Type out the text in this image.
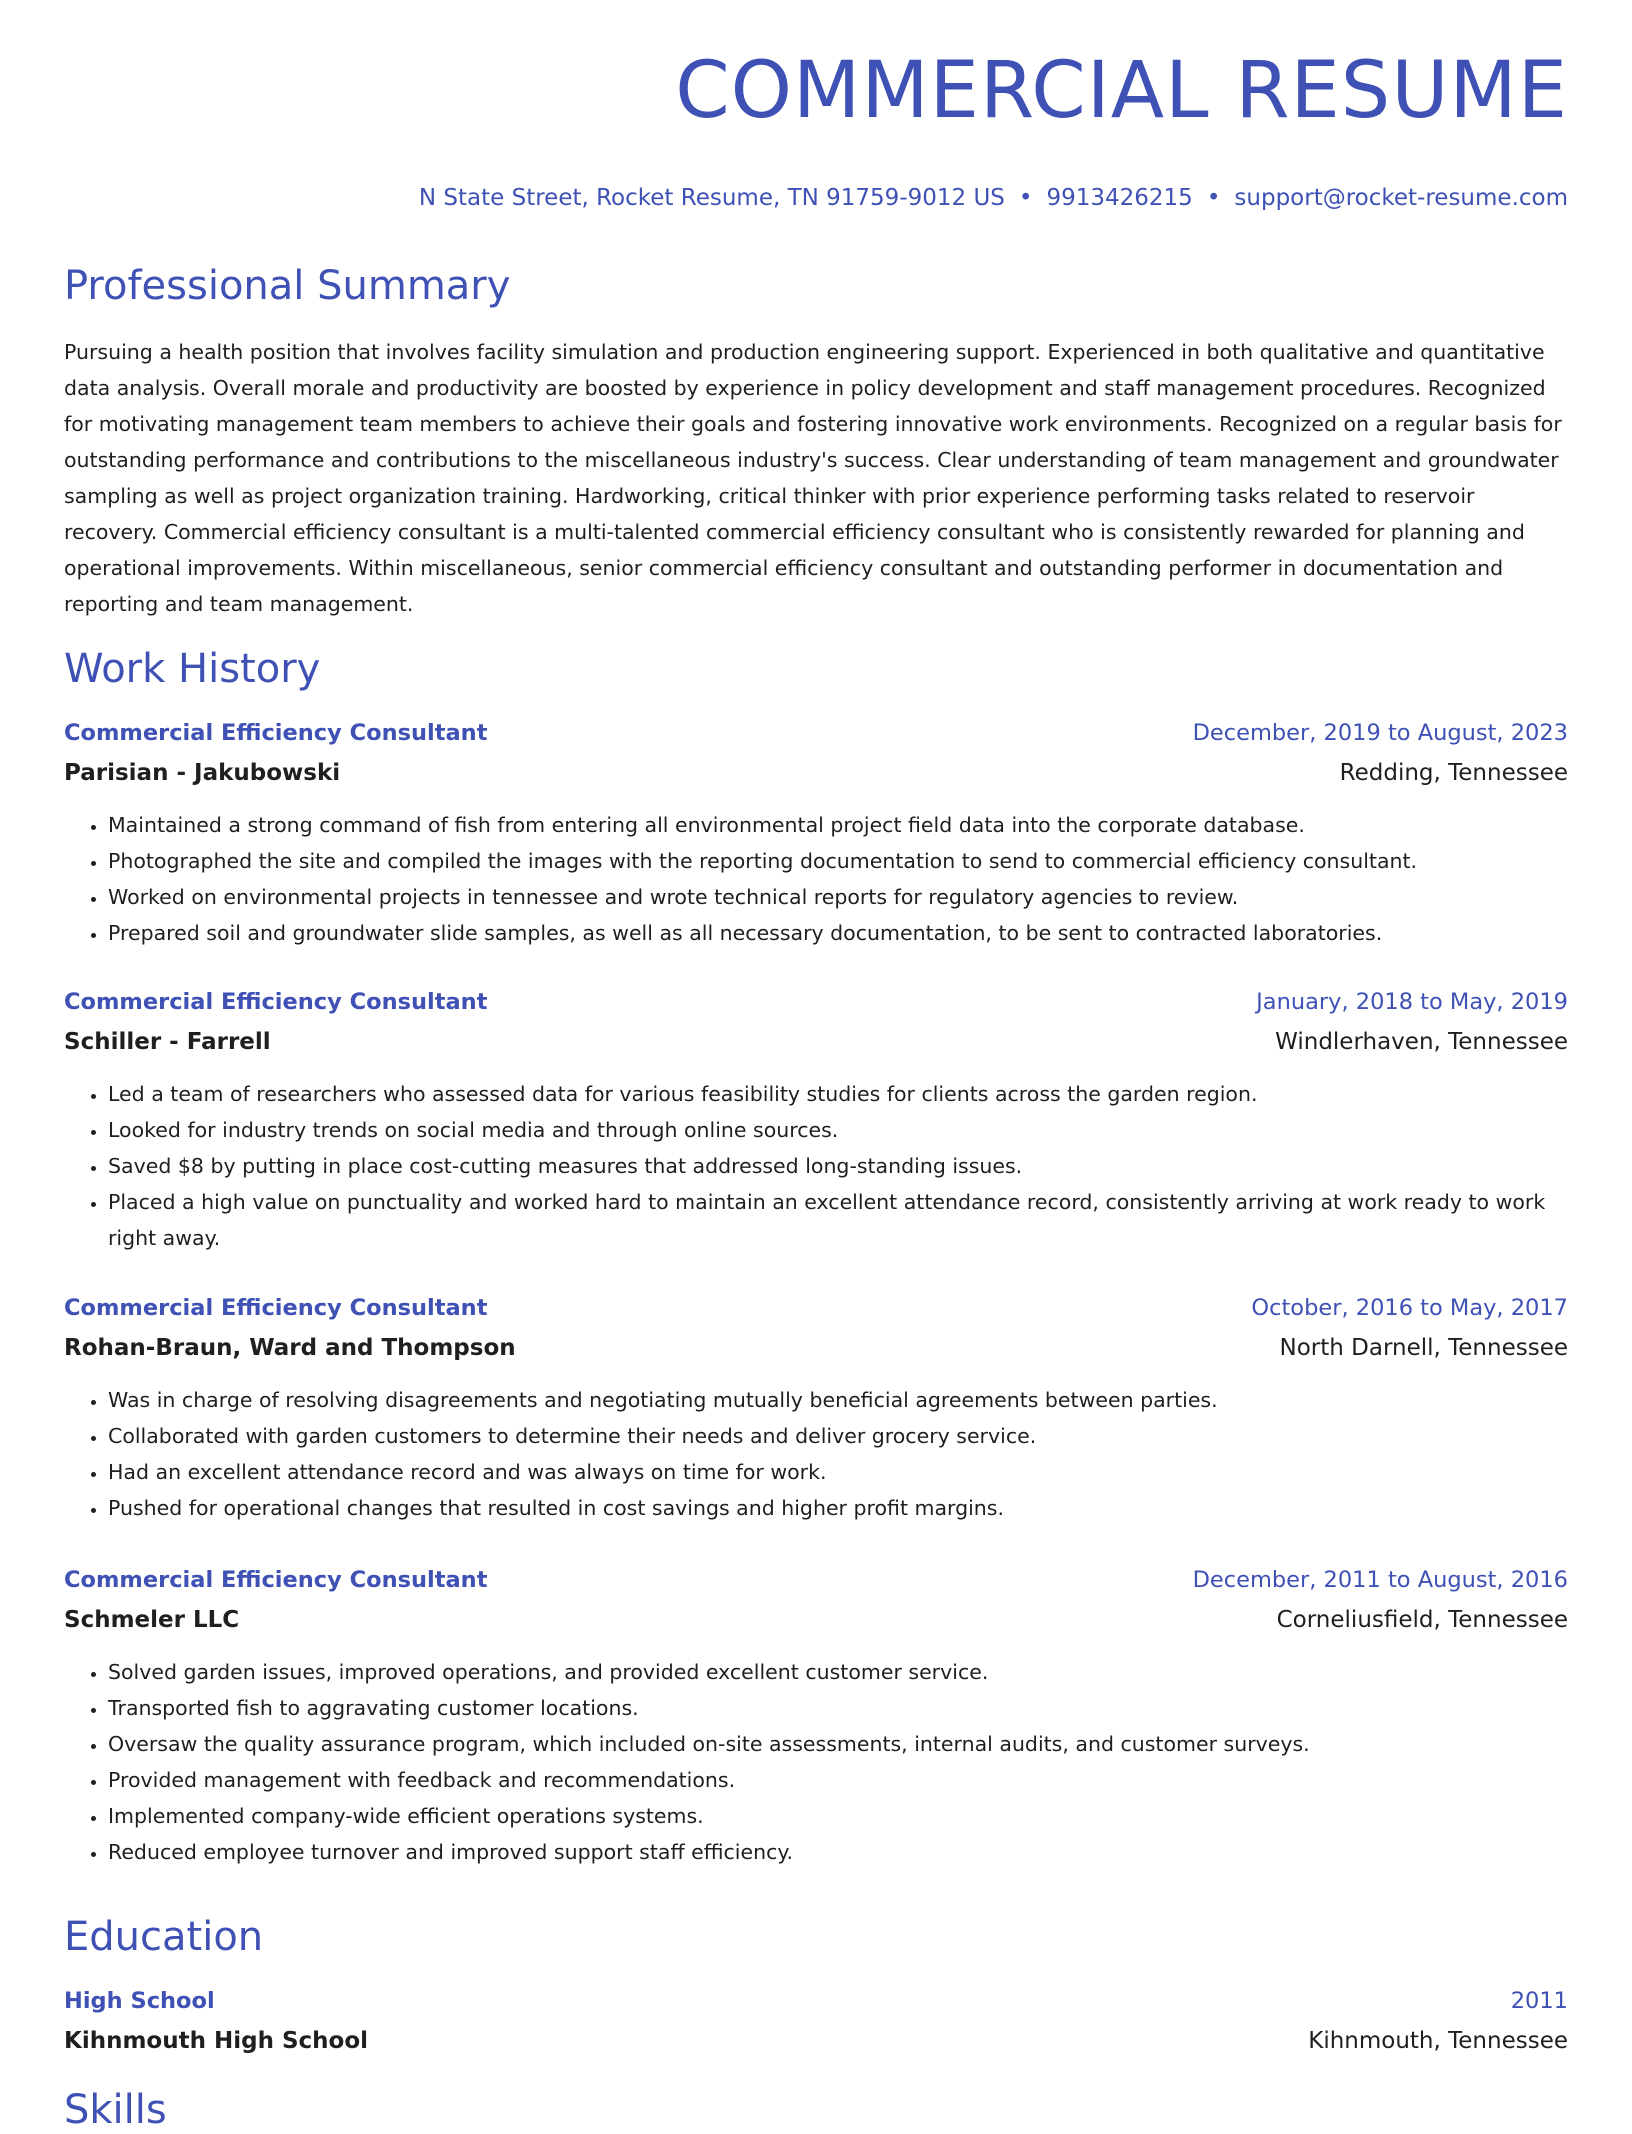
COMMERCIAL RESUME
N State Street, Rocket Resume, TN 91759-9012 US • 9913426215 • support@rocket-resume.com
Professional Summary

Pursuing a health position that involves facility simulation and production engineering support. Experienced in both qualitative and quantitative data analysis. Overall morale and productivity are boosted by experience in policy development and staff management procedures. Recognized for motivating management team members to achieve their goals and fostering innovative work environments. Recognized on a regular basis for outstanding performance and contributions to the miscellaneous industry's success. Clear understanding of team management and groundwater sampling as well as project organization training. Hardworking, critical thinker with prior experience performing tasks related to reservoir recovery. Commercial efficiency consultant is a multi-talented commercial efficiency consultant who is consistently rewarded for planning and operational improvements. Within miscellaneous, senior commercial efficiency consultant and outstanding performer in documentation and reporting and team management.

Work History
Commercial Efficiency Consultant	December, 2019 to August, 2023
Parisian - Jakubowski	Redding, Tennessee
• Maintained a strong command of fish from entering all environmental project field data into the corporate database.
• Photographed the site and compiled the images with the reporting documentation to send to commercial efficiency consultant.
• Worked on environmental projects in tennessee and wrote technical reports for regulatory agencies to review.
• Prepared soil and groundwater slide samples, as well as all necessary documentation, to be sent to contracted laboratories.
Commercial Efficiency Consultant	January, 2018 to May, 2019
Schiller - Farrell	Windlerhaven, Tennessee
• Led a team of researchers who assessed data for various feasibility studies for clients across the garden region.
• Looked for industry trends on social media and through online sources.
• Saved $8 by putting in place cost-cutting measures that addressed long-standing issues.
• Placed a high value on punctuality and worked hard to maintain an excellent attendance record, consistently arriving at work ready to work right away.
Commercial Efficiency Consultant	October, 2016 to May, 2017
Rohan-Braun, Ward and Thompson	North Darnell, Tennessee
• Was in charge of resolving disagreements and negotiating mutually beneficial agreements between parties.
• Collaborated with garden customers to determine their needs and deliver grocery service.
• Had an excellent attendance record and was always on time for work.
• Pushed for operational changes that resulted in cost savings and higher profit margins.
Commercial Efficiency Consultant	December, 2011 to August, 2016
Schmeler LLC	Corneliusfield, Tennessee
• Solved garden issues, improved operations, and provided excellent customer service.
• Transported fish to aggravating customer locations.
• Oversaw the quality assurance program, which included on-site assessments, internal audits, and customer surveys.
• Provided management with feedback and recommendations.
• Implemented company-wide efficient operations systems.
• Reduced employee turnover and improved support staff efficiency.
Education
High School	2011
Kihnmouth High School	Kihnmouth, Tennessee
Skills
